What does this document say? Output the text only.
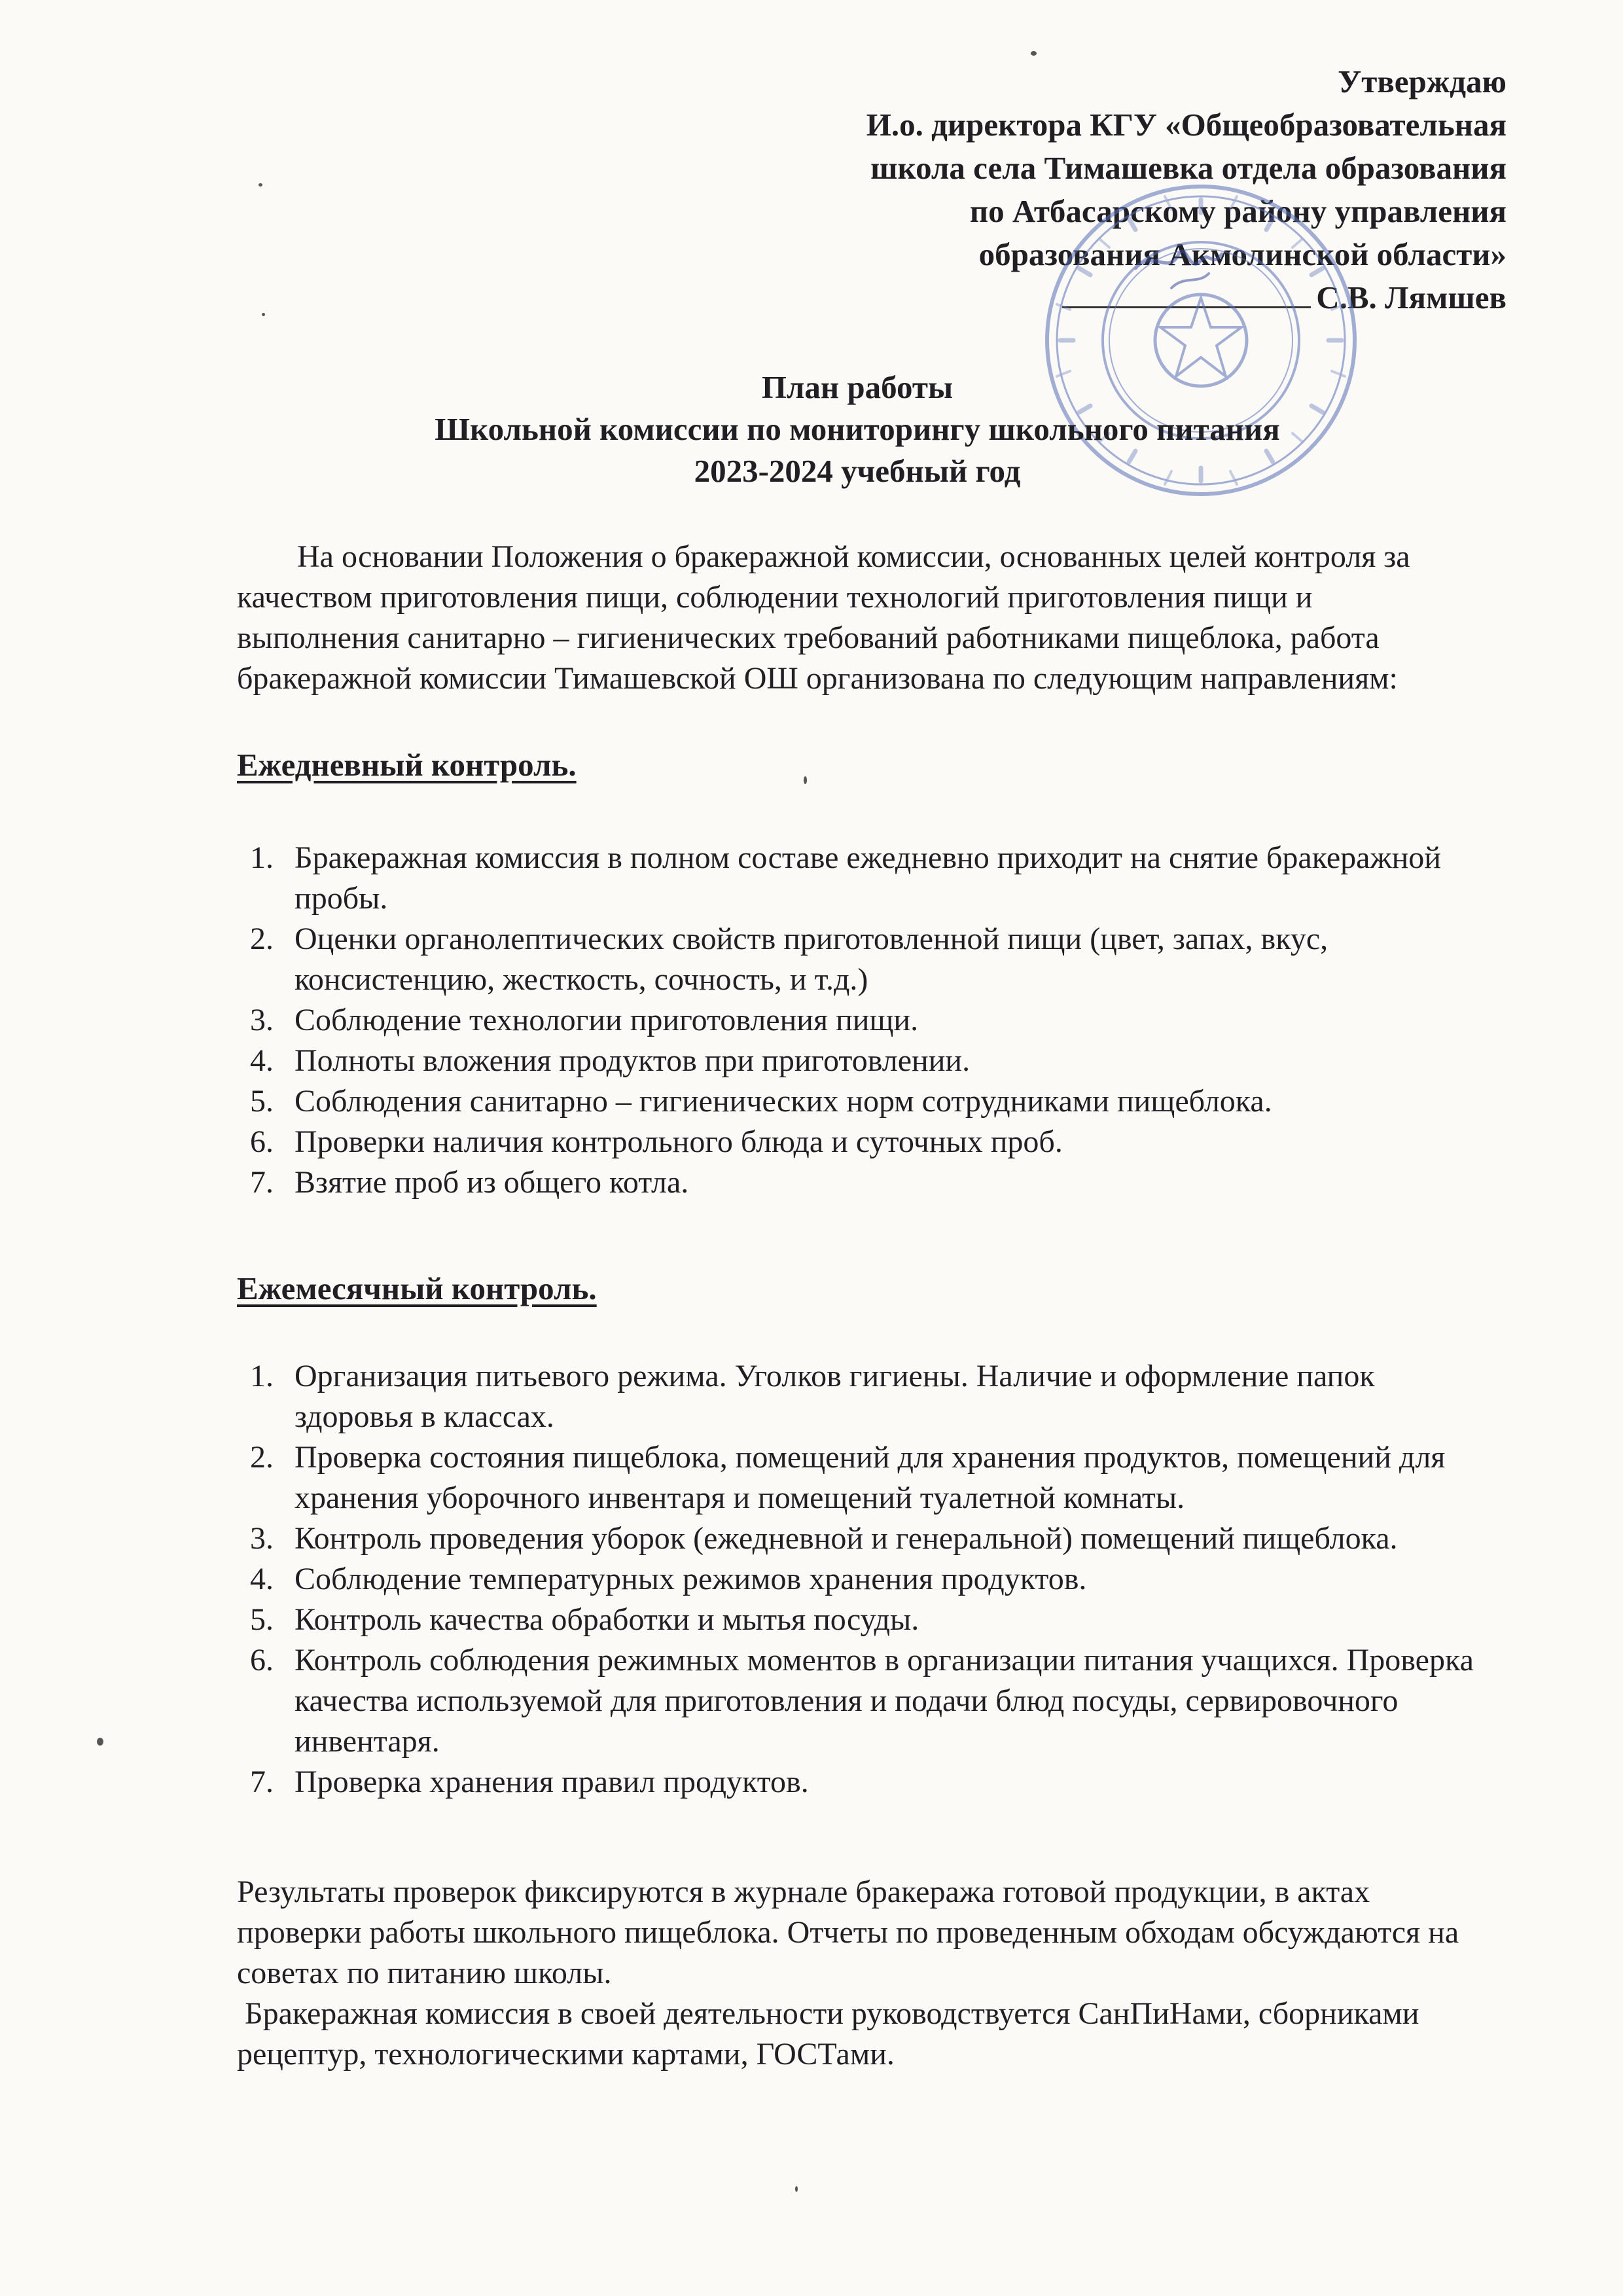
Утверждаю
И.о. директора КГУ «Общеобразовательная
школа села Тимашевка отдела образования
по Атбасарскому району управления
образования Акмолинской области»
С.В. Лямшев
План работы
Школьной комиссии по мониторингу школьного питания
2023-2024 учебный год
На основании Положения о бракеражной комиссии, основанных целей контроля за качеством приготовления пищи, соблюдении технологий приготовления пищи и выполнения санитарно – гигиенических требований работниками пищеблока, работа бракеражной комиссии Тимашевской ОШ организована по следующим направлениям:
Ежедневный контроль.
1. Бракеражная комиссия в полном составе ежедневно приходит на снятие бракеражной пробы.
2. Оценки органолептических свойств приготовленной пищи (цвет, запах, вкус, консистенцию, жесткость, сочность, и т.д.)
3. Соблюдение технологии приготовления пищи.
4. Полноты вложения продуктов при приготовлении.
5. Соблюдения санитарно – гигиенических норм сотрудниками пищеблока.
6. Проверки наличия контрольного блюда и суточных проб.
7. Взятие проб из общего котла.
Ежемесячный контроль.
1. Организация питьевого режима. Уголков гигиены. Наличие и оформление папок здоровья в классах.
2. Проверка состояния пищеблока, помещений для хранения продуктов, помещений для хранения уборочного инвентаря и помещений туалетной комнаты.
3. Контроль проведения уборок (ежедневной и генеральной) помещений пищеблока.
4. Соблюдение температурных режимов хранения продуктов.
5. Контроль качества обработки и мытья посуды.
6. Контроль соблюдения режимных моментов в организации питания учащихся. Проверка качества используемой для приготовления и подачи блюд посуды, сервировочного инвентаря.
7. Проверка хранения правил продуктов.
Результаты проверок фиксируются в журнале бракеража готовой продукции, в актах проверки работы школьного пищеблока. Отчеты по проведенным обходам обсуждаются на советах по питанию школы.
Бракеражная комиссия в своей деятельности руководствуется СанПиНами, сборниками рецептур, технологическими картами, ГОСТами.
